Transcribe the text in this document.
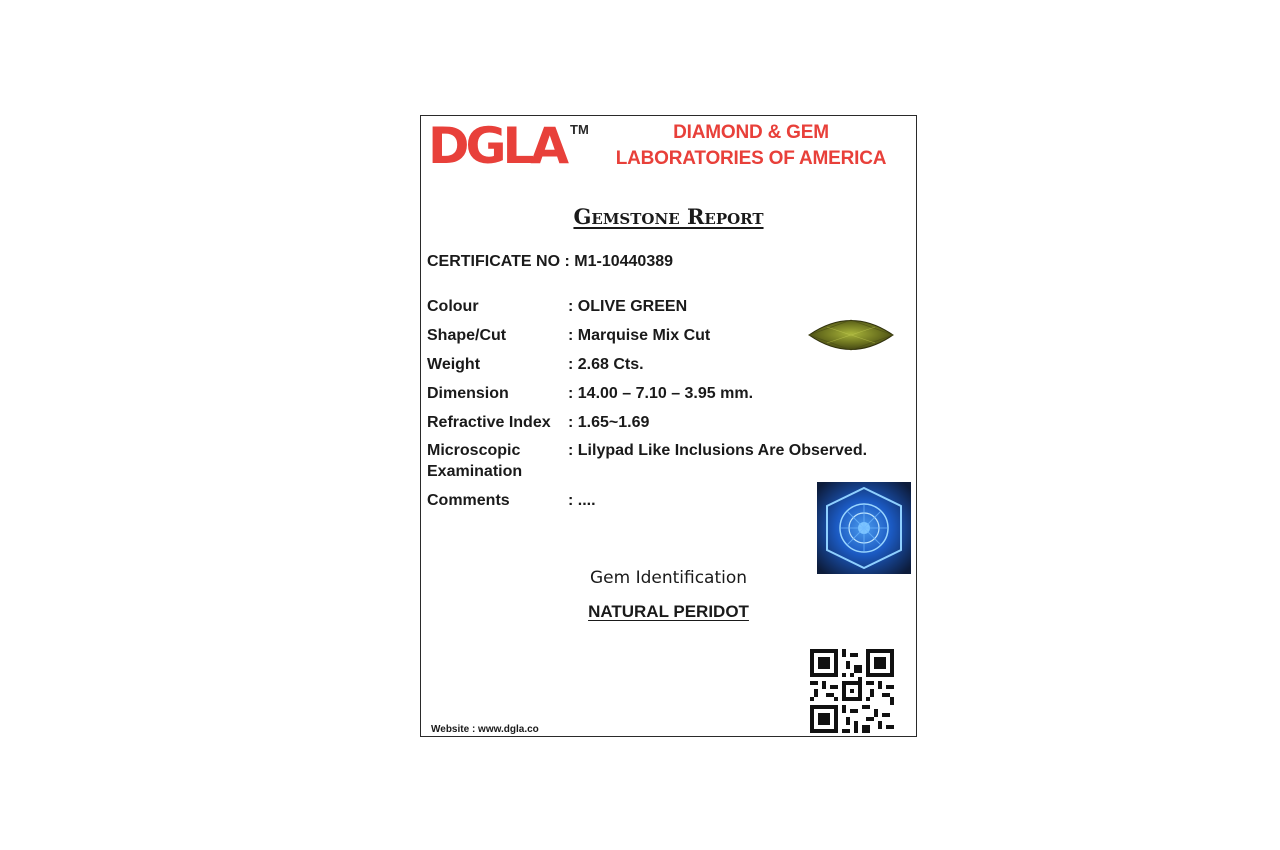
DGLA TM	DIAMOND & GEM
LABORATORIES OF AMERICA
Gemstone Report
CERTIFICATE NO : M1-10440389
Colour	: OLIVE GREEN
Shape/Cut	: Marquise Mix Cut
Weight	: 2.68 Cts.
Dimension	: 14.00 – 7.10 – 3.95 mm.
Refractive Index	: 1.65~1.69
Microscopic Examination
: Lilypad Like Inclusions Are Observed.
Comments	: ....
Gem Identification
NATURAL PERIDOT
Website : www.dgla.co
